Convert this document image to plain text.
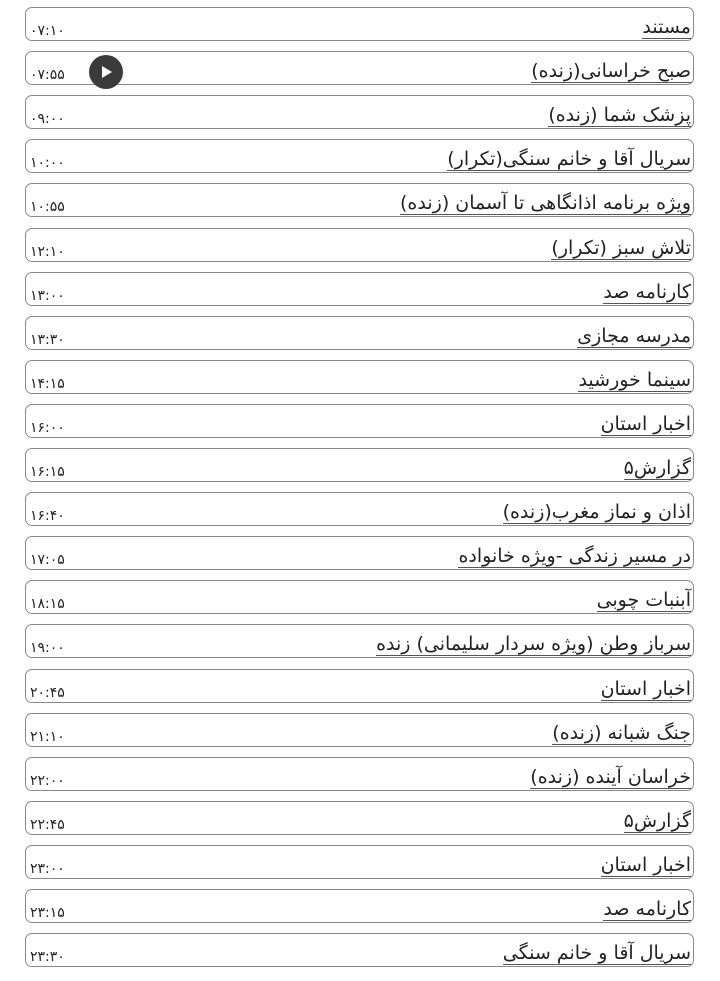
مستند
۰۷:۱۰
صبح خراسانی(زنده)
۰۷:۵۵
پزشک شما (زنده)
۰۹:۰۰
سریال آقا و خانم سنگی(تکرار)
۱۰:۰۰
ویژه برنامه اذانگاهی تا آسمان (زنده)
۱۰:۵۵
تلاش سبز (تکرار)
۱۲:۱۰
کارنامه صد
۱۳:۰۰
مدرسه مجازی
۱۳:۳۰
سینما خورشید
۱۴:۱۵
اخبار استان
۱۶:۰۰
گزارش۵
۱۶:۱۵
اذان و نماز مغرب(زنده)
۱۶:۴۰
در مسیر زندگی -ویژه خانواده
۱۷:۰۵
آبنبات چوبی
۱۸:۱۵
سرباز وطن (ویژه سردار سلیمانی) زنده
۱۹:۰۰
اخبار استان
۲۰:۴۵
جنگ شبانه (زنده)
۲۱:۱۰
خراسان آینده (زنده)
۲۲:۰۰
گزارش۵
۲۲:۴۵
اخبار استان
۲۳:۰۰
کارنامه صد
۲۳:۱۵
سریال آقا و خانم سنگی
۲۳:۳۰
